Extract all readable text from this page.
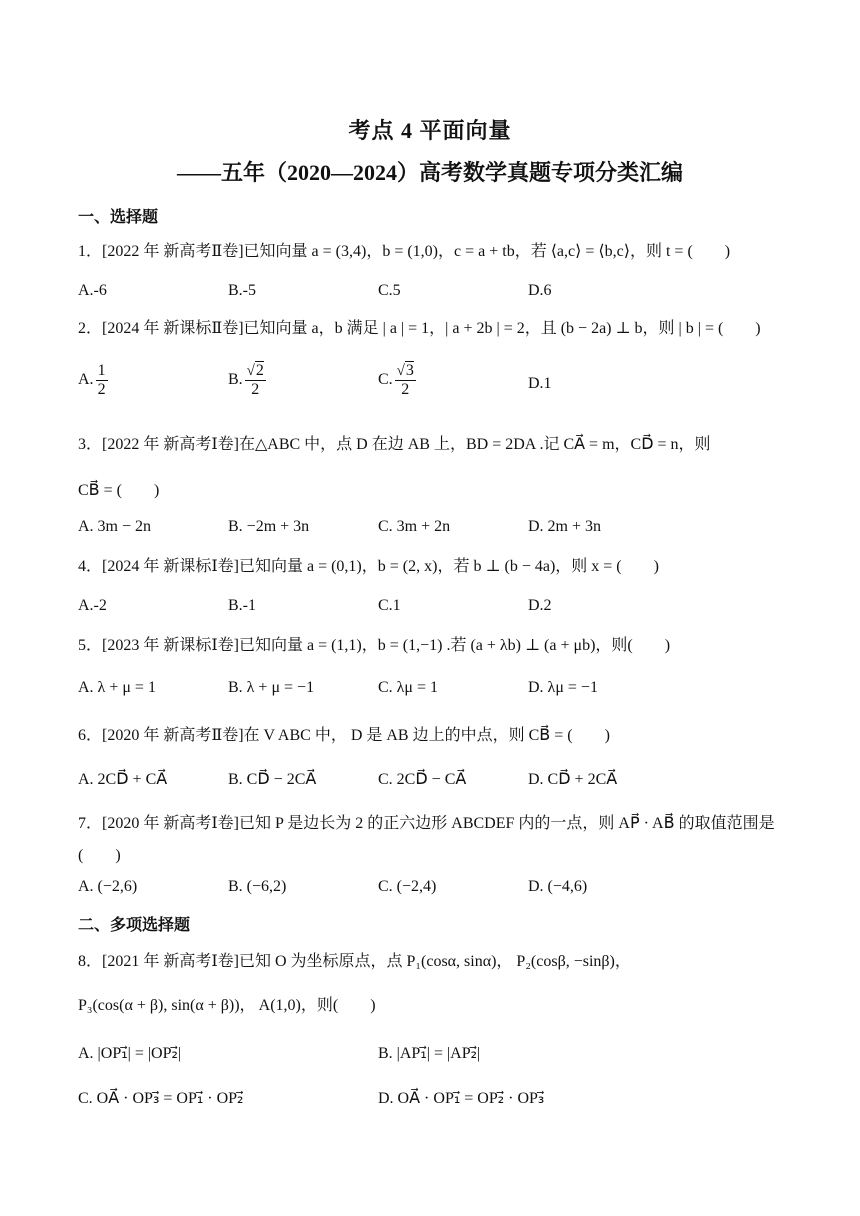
考点 4 平面向量
——五年（2020—2024）高考数学真题专项分类汇编
一、选择题
1．[2022 年 新高考Ⅱ卷]已知向量 a = (3,4)，b = (1,0)，c = a + tb，若 ⟨a,c⟩ = ⟨b,c⟩，则 t = (　　)
A.-6	B.-5	C.5	D.6
2．[2024 年 新课标Ⅱ卷]已知向量 a，b 满足 | a | = 1，| a + 2b | = 2，且 (b − 2a) ⊥ b，则 | b | = (　　)
A. $\frac{1}{2}$	B. $\frac{√2}{2}$	C. $\frac{√3}{2}$	D.1
3．[2022 年 新高考Ⅰ卷]在△ABC 中，点 D 在边 AB 上，BD = 2DA .记 CA⃗ = m，CD⃗ = n，则
CB⃗ = (　　)
A. 3m − 2n	B. −2m + 3n	C. 3m + 2n	D. 2m + 3n
4．[2024 年 新课标Ⅰ卷]已知向量 a = (0,1)，b = (2, x)，若 b ⊥ (b − 4a)，则 x = (　　)
A.-2	B.-1	C.1	D.2
5．[2023 年 新课标Ⅰ卷]已知向量 a = (1,1)，b = (1,−1) .若 (a + λb) ⊥ (a + μb)，则(　　)
A. λ + μ = 1	B. λ + μ = −1	C. λμ = 1	D. λμ = −1
6．[2020 年 新高考Ⅱ卷]在 V ABC 中， D 是 AB 边上的中点，则 CB⃗ = (　　)
A. 2CD⃗ + CA⃗	B. CD⃗ − 2CA⃗	C. 2CD⃗ − CA⃗	D. CD⃗ + 2CA⃗
7．[2020 年 新高考Ⅰ卷]已知 P 是边长为 2 的正六边形 ABCDEF 内的一点，则 AP⃗ · AB⃗ 的取值范围是(　　)
A. (−2,6)	B. (−6,2)	C. (−2,4)	D. (−4,6)
二、多项选择题
8．[2021 年 新高考Ⅰ卷]已知 O 为坐标原点，点 P₁(cosα, sinα)， P₂(cosβ, −sinβ)，
P₃(cos(α + β), sin(α + β))， A(1,0)，则(　　)
A. |OP₁⃗| = |OP₂⃗|	B. |AP₁⃗| = |AP₂⃗|
C. OA⃗ · OP₃⃗ = OP₁⃗ · OP₂⃗	D. OA⃗ · OP₁⃗ = OP₂⃗ · OP₃⃗
